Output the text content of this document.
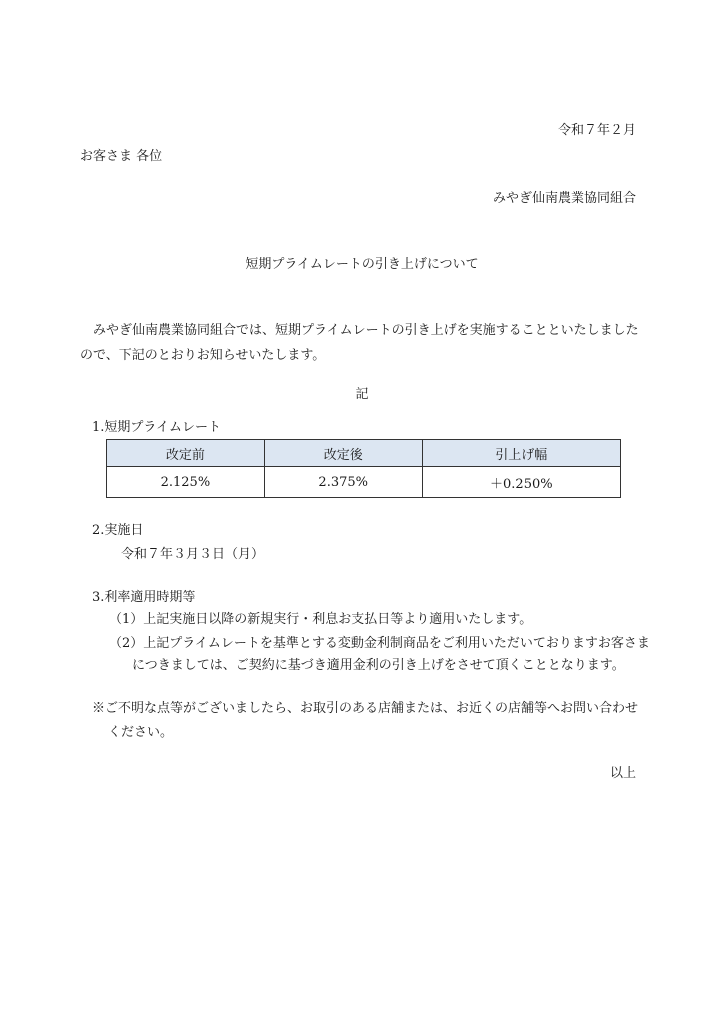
令和７年２月
お客さま 各位
みやぎ仙南農業協同組合
短期プライムレートの引き上げについて
みやぎ仙南農業協同組合では、短期プライムレートの引き上げを実施することといたしましたので、下記のとおりお知らせいたします。
記
1.短期プライムレート
改定前	改定後	引上げ幅
2.125%	2.375%	＋0.250%
2.実施日
令和７年３月３日（月）
3.利率適用時期等
（1）上記実施日以降の新規実行・利息お支払日等より適用いたします。
（2）上記プライムレートを基準とする変動金利制商品をご利用いただいておりますお客さま
につきましては、ご契約に基づき適用金利の引き上げをさせて頂くこととなります。
※ご不明な点等がございましたら、お取引のある店舗または、お近くの店舗等へお問い合わせ
ください。
以上
